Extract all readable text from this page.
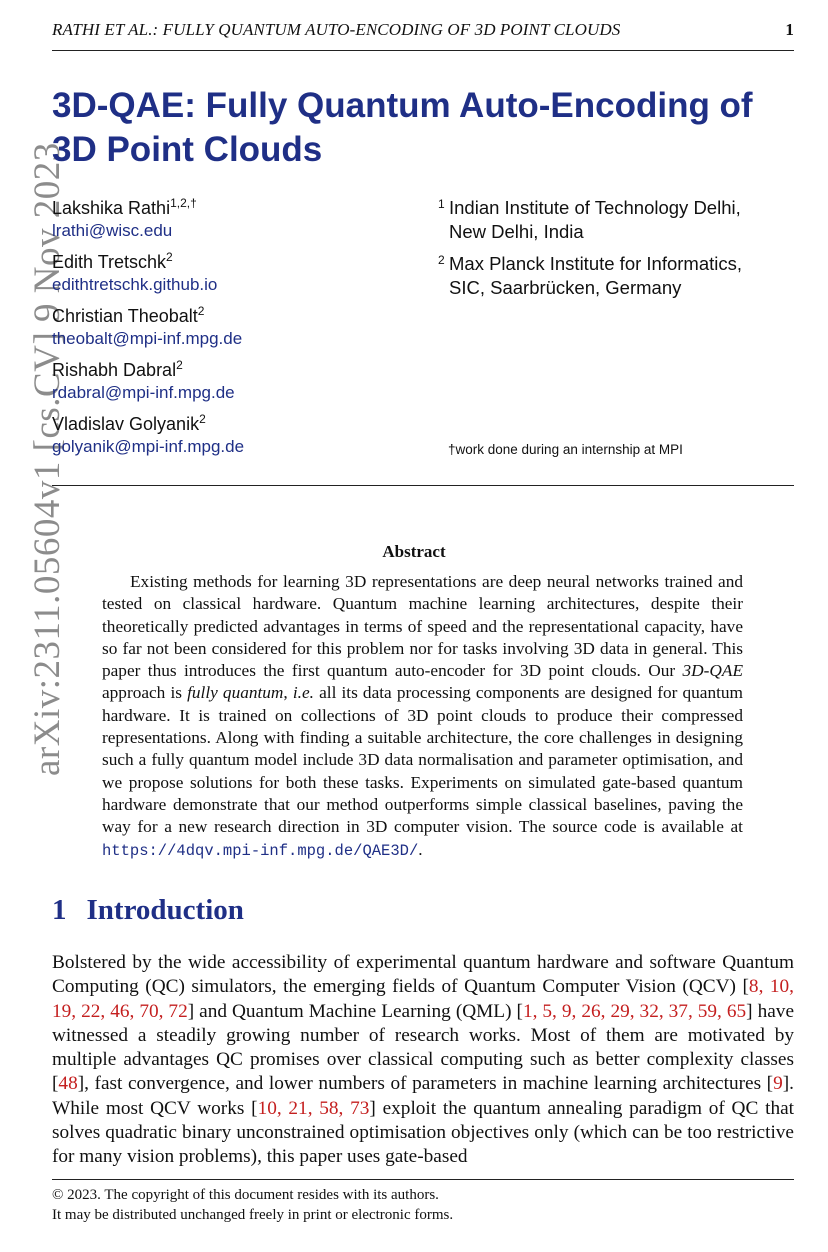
RATHI ET AL.: FULLY QUANTUM AUTO-ENCODING OF 3D POINT CLOUDS	1
arXiv:2311.05604v1 [cs.CV] 9 Nov 2023
3D-QAE: Fully Quantum Auto-Encoding of
3D Point Clouds
Lakshika Rathi$^{1,2,\dagger}$
lrathi@wisc.edu
Edith Tretschk$^2$
edithtretschk.github.io
Christian Theobalt$^2$
theobalt@mpi-inf.mpg.de
Rishabh Dabral$^2$
rdabral@mpi-inf.mpg.de
Vladislav Golyanik$^2$
golyanik@mpi-inf.mpg.de
1 Indian Institute of Technology Delhi,
New Delhi, India
2 Max Planck Institute for Informatics,
SIC, Saarbrücken, Germany
†work done during an internship at MPI
Abstract

Existing methods for learning 3D representations are deep neural networks trained and tested on classical hardware. Quantum machine learning architectures, despite their theoretically predicted advantages in terms of speed and the representational capacity, have so far not been considered for this problem nor for tasks involving 3D data in general. This paper thus introduces the first quantum auto-encoder for 3D point clouds. Our 3D-QAE approach is fully quantum, i.e. all its data processing components are designed for quantum hardware. It is trained on collections of 3D point clouds to produce their compressed representations. Along with finding a suitable architecture, the core challenges in designing such a fully quantum model include 3D data normalisation and parameter optimisation, and we propose solutions for both these tasks. Experiments on simulated gate-based quantum hardware demonstrate that our method outperforms simple classical baselines, paving the way for a new research direction in 3D computer vision. The source code is available at https://4dqv.mpi-inf.mpg.de/QAE3D/.

1 Introduction

Bolstered by the wide accessibility of experimental quantum hardware and software Quantum Computing (QC) simulators, the emerging fields of Quantum Computer Vision (QCV) [8, 10, 19, 22, 46, 70, 72] and Quantum Machine Learning (QML) [1, 5, 9, 26, 29, 32, 37, 59, 65] have witnessed a steadily growing number of research works. Most of them are motivated by multiple advantages QC promises over classical computing such as better complexity classes [48], fast convergence, and lower numbers of parameters in machine learning architectures [9]. While most QCV works [10, 21, 58, 73] exploit the quantum annealing paradigm of QC that solves quadratic binary unconstrained optimisation objectives only (which can be too restrictive for many vision problems), this paper uses gate-based

© 2023. The copyright of this document resides with its authors.
It may be distributed unchanged freely in print or electronic forms.
